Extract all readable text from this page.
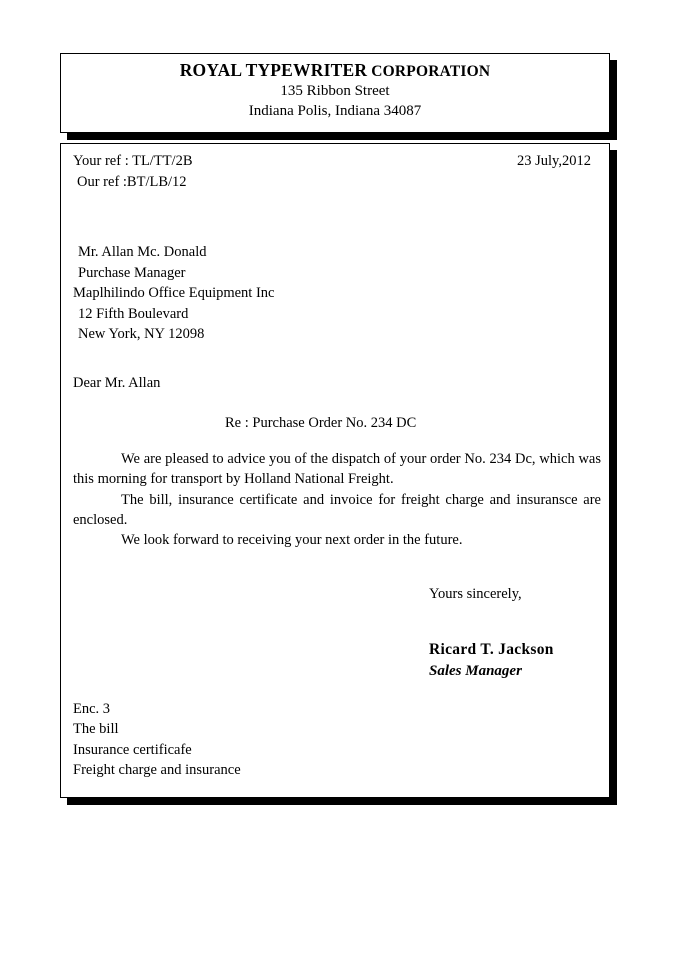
ROYAL TYPEWRITER CORPORATION
135 Ribbon Street
Indiana Polis, Indiana 34087
Your ref : TL/TT/2B	23 July,2012
Our ref :BT/LB/12
Mr. Allan Mc. Donald
Purchase Manager
Maplhilindo Office Equipment Inc
12 Fifth Boulevard
New York, NY 12098
Dear Mr. Allan
Re : Purchase Order No. 234 DC

We are pleased to advice you of the dispatch of your order No. 234 Dc, which was this morning for transport by Holland National Freight.

The bill, insurance certificate and invoice for freight charge and insuransce are enclosed.

We look forward to receiving your next order in the future.

Yours sincerely,
Ricard T. Jackson
Sales Manager
Enc. 3
The bill
Insurance certificafe
Freight charge and insurance
